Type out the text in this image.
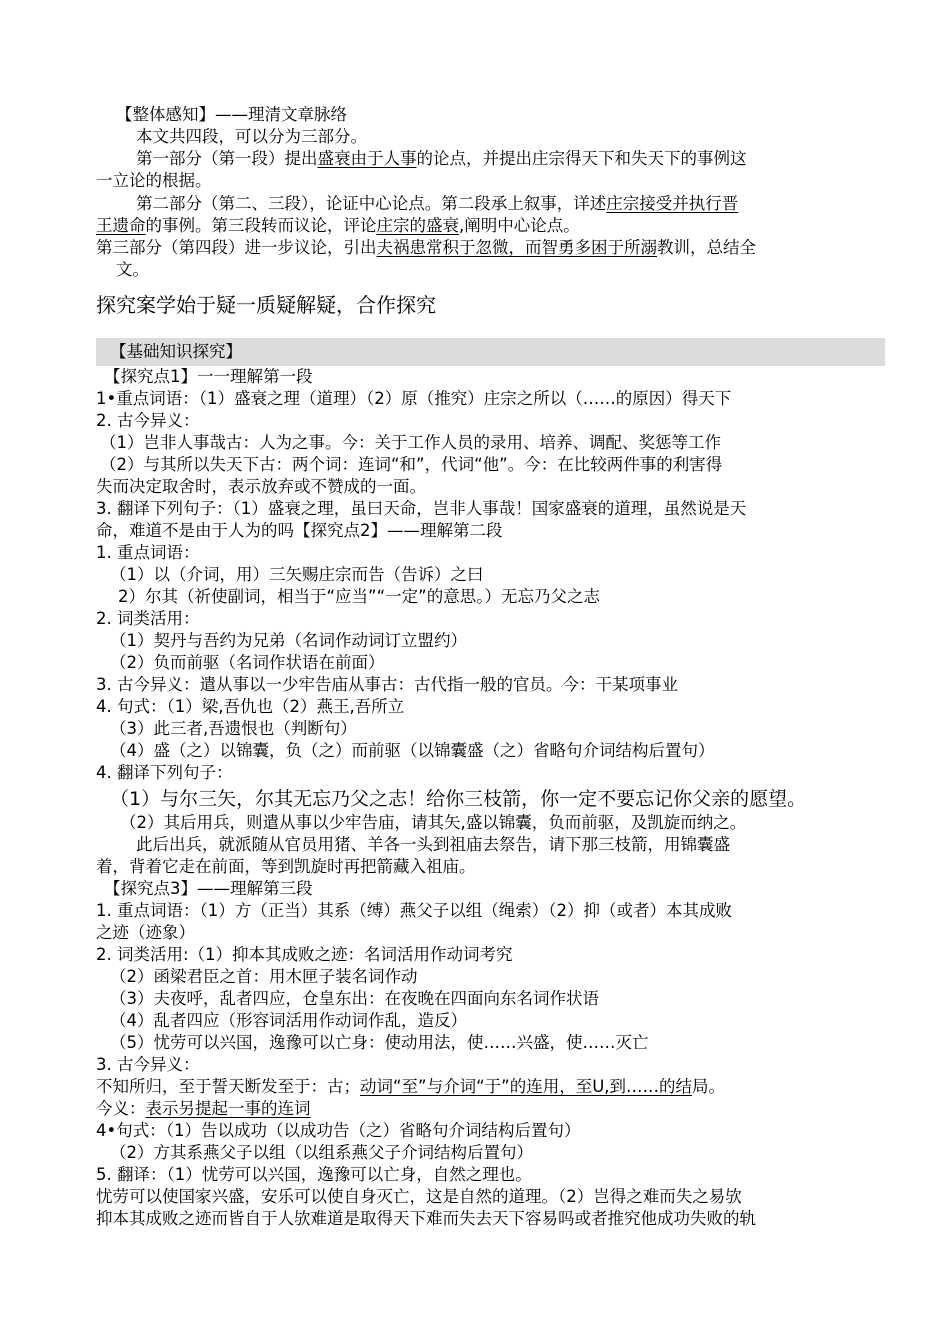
【整体感知】——理清文章脉络
本文共四段，可以分为三部分。
第一部分（第一段）提出盛衰由于人事的论点，并提出庄宗得天下和失天下的事例这
一立论的根据。
第二部分（第二、三段），论证中心论点。第二段承上叙事，详述庄宗接受并执行晋
王遗命的事例。第三段转而议论，评论庄宗的盛衰,阐明中心论点。
第三部分（第四段）进一步议论，引出夫祸患常积于忽微，而智勇多困于所溺教训，总结全
文。
探究案学始于疑一质疑解疑，合作探究
【基础知识探究】
【探究点1】一一理解第一段
1•重点词语：（1）盛衰之理（道理）（2）原（推究）庄宗之所以（……的原因）得天下
2. 古今异义：
（1）岂非人事哉古：人为之事。今：关于工作人员的录用、培养、调配、奖惩等工作
（2）与其所以失天下古：两个词：连词“和”，代词“他”。今：在比较两件事的利害得
失而决定取舍时，表示放弃或不赞成的一面。
3. 翻译下列句子：（1）盛衰之理，虽曰天命，岂非人事哉！国家盛衰的道理，虽然说是天
命，难道不是由于人为的吗【探究点2】——理解第二段
1. 重点词语：
（1）以（介词，用）三矢赐庄宗而告（告诉）之曰
2）尔其（祈使副词，相当于“应当”“一定”的意思。）无忘乃父之志
2. 词类活用：
（1）契丹与吾约为兄弟（名词作动词订立盟约）
（2）负而前驱（名词作状语在前面）
3. 古今异义：遣从事以一少牢告庙从事古：古代指一般的官员。今：干某项事业
4. 句式：（1）梁,吾仇也（2）燕王,吾所立
（3）此三者,吾遗恨也（判断句）
（4）盛（之）以锦囊，负（之）而前驱（以锦囊盛（之）省略句介词结构后置句）
4. 翻译下列句子：
（1）与尔三矢，尔其无忘乃父之志！给你三枝箭，你一定不要忘记你父亲的愿望。
（2）其后用兵，则遣从事以少牢告庙，请其矢,盛以锦囊，负而前驱，及凯旋而纳之。
此后出兵，就派随从官员用猪、羊各一头到祖庙去祭告，请下那三枝箭，用锦囊盛
着，背着它走在前面，等到凯旋时再把箭藏入祖庙。
【探究点3】——理解第三段
1. 重点词语：（1）方（正当）其系（缚）燕父子以组（绳索）（2）抑（或者）本其成败
之迹（迹象）
2. 词类活用:（1）抑本其成败之迹：名词活用作动词考究
（2）函梁君臣之首：用木匣子装名词作动
（3）夫夜呼，乱者四应，仓皇东出：在夜晚在四面向东名词作状语
（4）乱者四应（形容词活用作动词作乱，造反）
（5）忧劳可以兴国，逸豫可以亡身：使动用法，使……兴盛，使……灭亡
3. 古今异义：
不知所归，至于誓天断发至于：古；动词“至”与介词“于”的连用，至U,到……的结局。
今义：表示另提起一事的连词
4•句式：（1）告以成功（以成功告（之）省略句介词结构后置句）
（2）方其系燕父子以组（以组系燕父子介词结构后置句）
5. 翻译：（1）忧劳可以兴国，逸豫可以亡身，自然之理也。
忧劳可以使国家兴盛，安乐可以使自身灭亡，这是自然的道理。（2）岂得之难而失之易欤
抑本其成败之迹而皆自于人欤难道是取得天下难而失去天下容易吗或者推究他成功失败的轨
